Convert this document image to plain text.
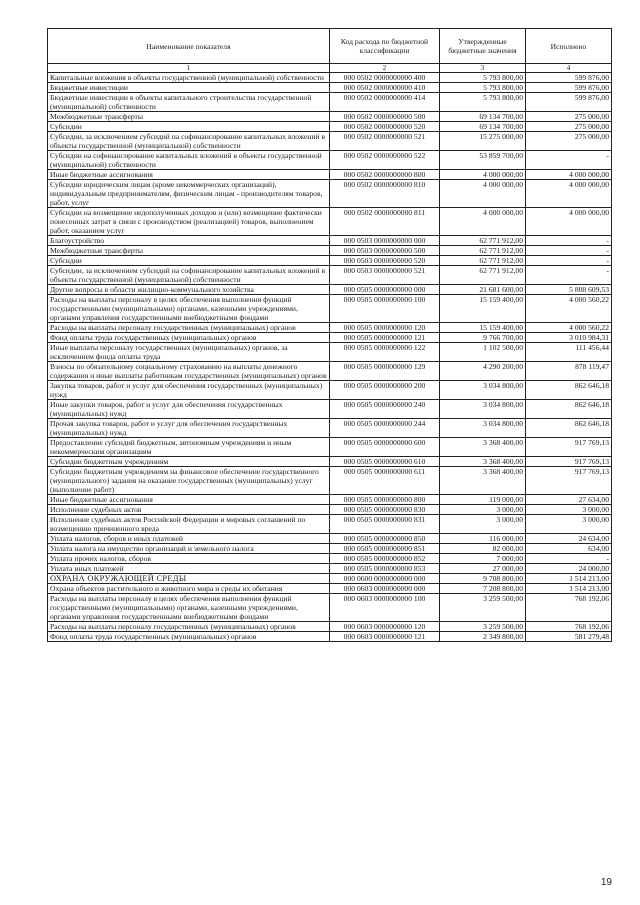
Наименование показателя	Код расхода по бюджетной классификации	Утвержденные бюджетные значения	Исполнено
1	2	3	4
Капитальные вложения в объекты государственной (муниципальной) собственности	000 0502 0000000000 400	5 793 800,00	599 876,00
Бюджетные инвестиции	000 0502 0000000000 410	5 793 800,00	599 876,00
Бюджетные инвестиции в объекты капитального строительства государственной (муниципальной) собственности	000 0502 0000000000 414	5 793 800,00	599 876,00
Межбюджетные трансферты	000 0502 0000000000 500	69 134 700,00	275 000,00
Субсидии	000 0502 0000000000 520	69 134 700,00	275 000,00
Субсидии, за исключением субсидий на софинансирование капитальных вложений в объекты государственной (муниципальной) собственности	000 0502 0000000000 521	15 275 000,00	275 000,00
Субсидии на софинансирование капитальных вложений в объекты государственной (муниципальной) собственности	000 0502 0000000000 522	53 859 700,00	-
Иные бюджетные ассигнования	000 0502 0000000000 800	4 000 000,00	4 000 000,00
Субсидии юридическим лицам (кроме некоммерческих организаций), индивидуальным предпринимателям, физическим лицам - производителям товаров, работ, услуг	000 0502 0000000000 810	4 000 000,00	4 000 000,00
Субсидии на возмещение недополученных доходов и (или) возмещение фактически понесенных затрат в связи с производством (реализацией) товаров, выполнением работ, оказанием услуг	000 0502 0000000000 811	4 000 000,00	4 000 000,00
Благоустройство	000 0503 0000000000 000	62 771 912,00	-
Межбюджетные трансферты	000 0503 0000000000 500	62 771 912,00	-
Субсидии	000 0503 0000000000 520	62 771 912,00	-
Субсидии, за исключением субсидий на софинансирование капитальных вложений в объекты государственной (муниципальной) собственности	000 0503 0000000000 521	62 771 912,00	-
Другие вопросы в области жилищно-коммунального хозяйства	000 0505 0000000000 000	21 681 600,00	5 808 609,53
Расходы на выплаты персоналу в целях обеспечения выполнения функций государственными (муниципальными) органами, казенными учреждениями, органами управления государственными внебюджетными фондами	000 0505 0000000000 100	15 159 400,00	4 000 560,22
Расходы на выплаты персоналу государственных (муниципальных) органов	000 0505 0000000000 120	15 159 400,00	4 000 560,22
Фонд оплаты труда государственных (муниципальных) органов	000 0505 0000000000 121	9 766 700,00	3 010 984,31
Иные выплаты персоналу государственных (муниципальных) органов, за исключением фонда оплаты труда	000 0505 0000000000 122	1 102 500,00	111 456,44
Взносы по обязательному социальному страхованию на выплаты денежного содержания и иные выплаты работникам государственных (муниципальных) органов	000 0505 0000000000 129	4 290 200,00	878 119,47
Закупка товаров, работ и услуг для обеспечения государственных (муниципальных) нужд	000 0505 0000000000 200	3 034 800,00	862 646,18
Иные закупки товаров, работ и услуг для обеспечения государственных (муниципальных) нужд	000 0505 0000000000 240	3 034 800,00	862 646,18
Прочая закупка товаров, работ и услуг для обеспечения государственных (муниципальных) нужд	000 0505 0000000000 244	3 034 800,00	862 646,18
Предоставление субсидий бюджетным, автономным учреждениям и иным некоммерческим организациям	000 0505 0000000000 600	3 368 400,00	917 769,13
Субсидии бюджетным учреждениям	000 0505 0000000000 610	3 368 400,00	917 769,13
Субсидии бюджетным учреждениям на финансовое обеспечение государственного (муниципального) задания на оказание государственных (муниципальных) услуг (выполнение работ)	000 0505 0000000000 611	3 368 400,00	917 769,13
Иные бюджетные ассигнования	000 0505 0000000000 800	119 000,00	27 634,00
Исполнение судебных актов	000 0505 0000000000 830	3 000,00	3 000,00
Исполнение судебных актов Российской Федерации и мировых соглашений по возмещению причиненного вреда	000 0505 0000000000 831	3 000,00	3 000,00
Уплата налогов, сборов и иных платежей	000 0505 0000000000 850	116 000,00	24 634,00
Уплата налога на имущество организаций и земельного налога	000 0505 0000000000 851	82 000,00	634,00
Уплата прочих налогов, сборов	000 0505 0000000000 852	7 000,00	-
Уплата иных платежей	000 0505 0000000000 853	27 000,00	24 000,00
ОХРАНА ОКРУЖАЮЩЕЙ СРЕДЫ	000 0600 0000000000 000	9 708 800,00	1 514 213,00
Охрана объектов растительного и животного мира и среды их обитания	000 0603 0000000000 000	7 208 800,00	1 514 213,00
Расходы на выплаты персоналу в целях обеспечения выполнения функций государственными (муниципальными) органами, казенными учреждениями, органами управления государственными внебюджетными фондами	000 0603 0000000000 100	3 259 500,00	768 192,06
Расходы на выплаты персоналу государственных (муниципальных) органов	000 0603 0000000000 120	3 259 500,00	768 192,06
Фонд оплаты труда государственных (муниципальных) органов	000 0603 0000000000 121	2 349 800,00	581 279,48
19
